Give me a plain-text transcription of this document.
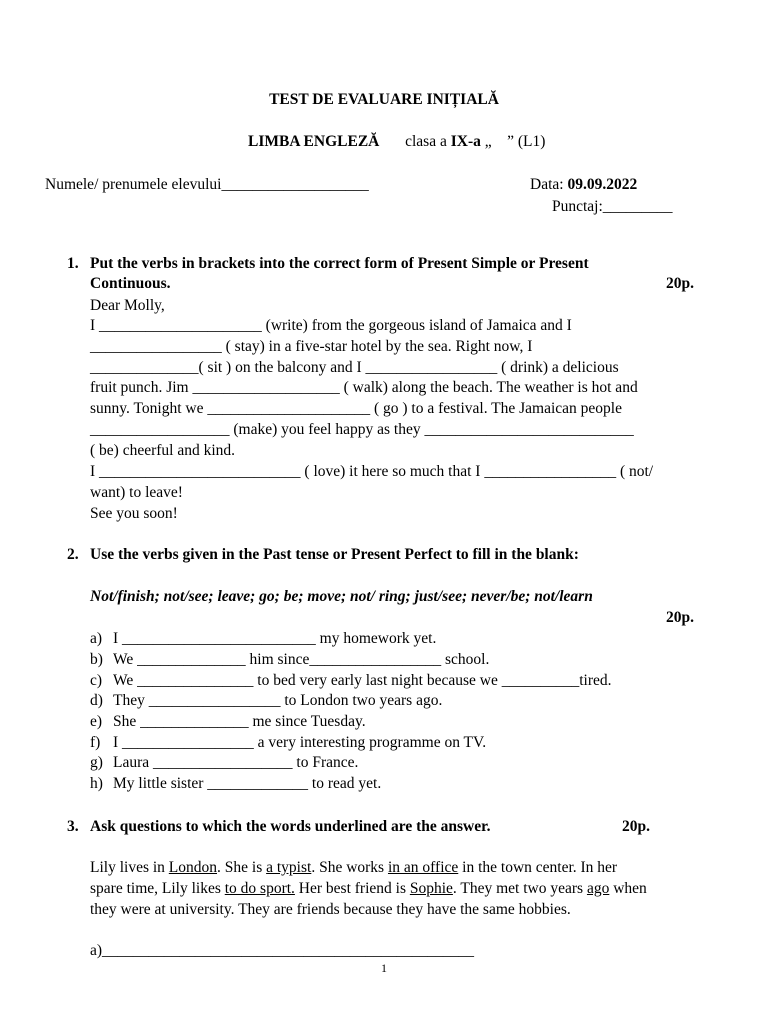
TEST DE EVALUARE INIȚIALĂ
LIMBA ENGLEZĂ clasa a IX-a „    ” (L1)
Numele/ prenumele elevului___________________	Data: 09.09.2022
Punctaj:_________
1. Put the verbs in brackets into the correct form of Present Simple or Present
Continuous.	20p.
Dear Molly,
I _____________________ (write) from the gorgeous island of Jamaica and I
_________________ ( stay) in a five-star hotel by the sea. Right now, I
______________( sit ) on the balcony and I _________________ ( drink) a delicious
fruit punch. Jim ___________________ ( walk) along the beach. The weather is hot and
sunny. Tonight we _____________________ ( go ) to a festival. The Jamaican people
__________________ (make) you feel happy as they ___________________________
( be) cheerful and kind.
I __________________________ ( love) it here so much that I _________________ ( not/
want) to leave!
See you soon!
2. Use the verbs given in the Past tense or Present Perfect to fill in the blank:
Not/finish; not/see; leave; go; be; move; not/ ring; just/see; never/be; not/learn
20p.
a) I _________________________ my homework yet.
b) We ______________ him since_________________ school.
c) We _______________ to bed very early last night because we __________tired.
d) They _________________ to London two years ago.
e) She ______________ me since Tuesday.
f) I _________________ a very interesting programme on TV.
g) Laura __________________ to France.
h) My little sister _____________ to read yet.
3. Ask questions to which the words underlined are the answer.	20p.
Lily lives in London. She is a typist. She works in an office in the town center. In her
spare time, Lily likes to do sport. Her best friend is Sophie. They met two years ago when
they were at university. They are friends because they have the same hobbies.
a)________________________________________________
1
